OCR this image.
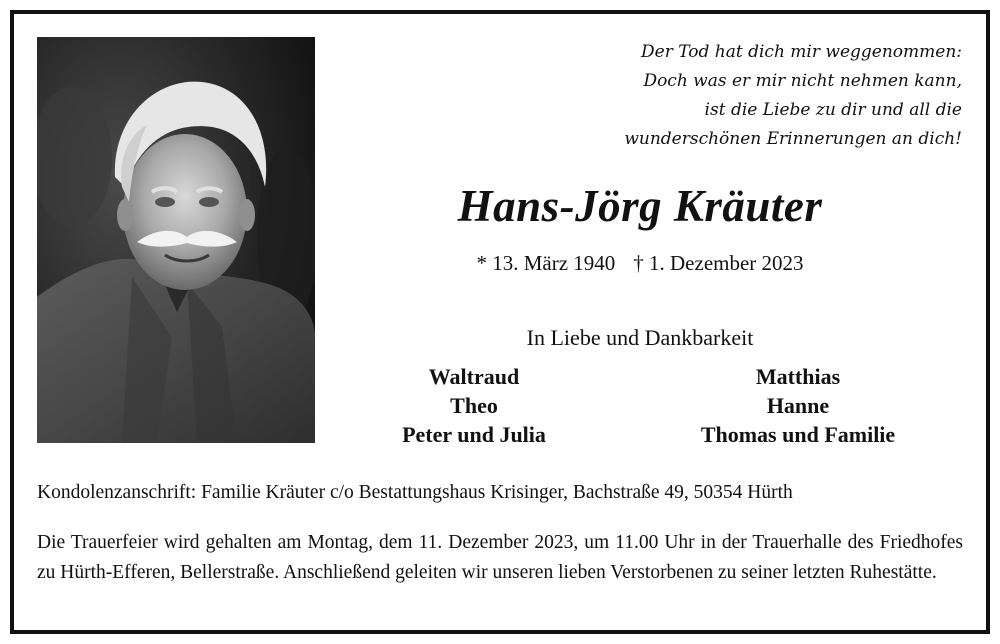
Der Tod hat dich mir weggenommen:
Doch was er mir nicht nehmen kann,
ist die Liebe zu dir und all die
wunderschönen Erinnerungen an dich!
Hans-Jörg Kräuter
* 13. März 1940 † 1. Dezember 2023
In Liebe und Dankbarkeit
Waltraud
Theo
Peter und Julia
Matthias
Hanne
Thomas und Familie
Kondolenzanschrift: Familie Kräuter c/o Bestattungshaus Krisinger, Bachstraße 49, 50354 Hürth
Die Trauerfeier wird gehalten am Montag, dem 11. Dezember 2023, um 11.00 Uhr in der Trauerhalle des Friedhofes zu Hürth-Efferen, Bellerstraße. Anschließend geleiten wir unseren lieben Verstorbenen zu seiner letzten Ruhestätte.
